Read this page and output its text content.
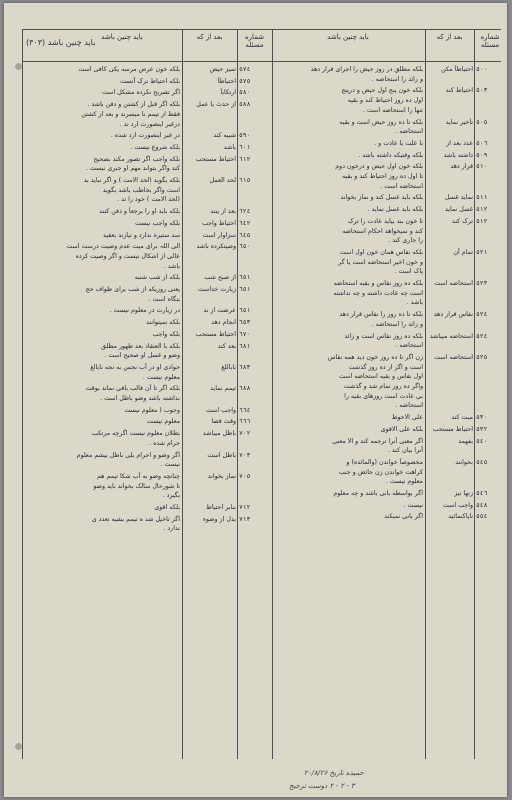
(٣٠٣) باید چنین باشد
شماره مسئله
بعد از که
باید چنین باشد
شماره مسئله
بعد از که
باید چنین باشد
٥٠٠
احتیاطاً مکن
بلکه مطلق در روز حیض را اجرای قرار دهد
و زائد را استحاضه .
٥٠٣
احتیاط کند
بلکه خون پنج اول حیض و درپنج
اول ده روز احتیاط کند و بقیه
تنها را استحاضه است .
٥٠٥
تأخیر نماید
بلکه تا ده روز حیض است و بقیه
استحاضه .
٥٠٦
عدد بعد از
با علت یا عادت و .
٥٠٩
داشته باشد
بلکه وقتیکه داشته باشد .
٥١٠
قرار دهد
بلکه خون اول حیض و درخون دوم
تا اول ده روز احتیاط کند و بقیه
استحاضه است .
٥١١
نماید غسل
بلکه باید غسل کند و نماز بخواند
٥١٢
غسل نماید
بلکه باید غسل نماید .
٥١٢
ترک کند
تا خون بند بیاید عادت را ترک
کند و نمیخواهد احکام استحاضه
را جاری کند .
٥٢١
تمام آن
بلکه نفاس همان خون اول است
و خون اخیر استحاضه است یا گر
پاک است .
٥٢٣
استحاضه است
بلکه ده روز نفاس و بقیه استحاضه
است چه عادت داشته و چه نداشته
باشد .
٥٢٤
نفاس قرار دهد
بلکه تا ده روز را نفاس قرار دهد
و زائد را استحاضه .
٥٢٤
استحاضه میباشد
بلکه ده روز نفاس است و زائد
استحاضه .
٥٢٥
استحاضه است
زن اگر تا ده روز خون دید همه نفاس
است و اگر از ده روز گذشت
اول نفاس و بقیه استحاضه است
واگر ده روز تمام شد و گذشت
بی عادت است روزهای بقیه را
استحاضه .
٥٣٠
میت کند
علی الاحوط
٥٣٢
احتیاط مستحب
بلکه علی الاقوی
٥٤٠
بفهمد
اگر معنی آنرا ترجمه کند و الا معنی
آنرا بیان کند .
٥٤٥
بخوانند
مخصوصاً خواندن (والمائده) و
کراهت خواندن زن حائض و جنب
معلوم نیست .
٥٤٦
زنها نیز
اگر بواسطه بانی باشد و چه معلوم
٥٤٨
واجب است
نیست .
٥٥٤
ناپاکنمائید
اگر بانی نمیکند
٥٧٤
تمیز حیض
بلکه خون عرض مرسه یکی کافی است
٥٧٥
احتیاطاً
بلکه احتیاط ترک آنست
٥٨٠
ارتکاباً
اگر تصریح نکرده مشکل است
٥٨٨
از حدث یا عمل
بلکه اگر قبل از کشتن و دفن باشد .
فقط از تیمم نا میسرند و بعد از کشتن
درغیر اینصورت ارد ند .
٥٩٠
شبیه کند
در غیر اینصورت ارد شده .
٦٠١
باشد
بلکه شروع نیست .
٦١٢
احتیاط مستحب
بلکه واجب اگر تصور مکند بصحیح
کند واگر بتواند مهم او جبری نیست .
٦١٥
لحد العمل
بلکه بگوید (لحد الامت ) و اگر نباید بد
است واگر بخاطب باشد بگوید
(لحد الامت ) خود را ند .
٦٢٤
بعد از ینند
بلکه باید او را برجعاً و دفن کنند
٦٤٢
احتیاط واجب
بلکه واجب نیست
٦٤٥
سزاوار است
سد ستیره ندارد و نیازند بعقید
٦٥٠
وصیتکرده باشد
الی اللہ برای میت عدم وصیت درست است
عالی از اشکال نیست و اگر وصیت کرده
باشد .
٦٥١
از صبح شب
بلکه از شب شنبه
٦٥١
زیارت خداست
یعنی روزیکه از شب برای طواف حج
بنگاه است .
٦٥١
عرضت از ند
در زیارت در معلوم نیست .
٦٥٣
انجام دهد
بلکه نمیتوانند
٦٧٠
احتیاط مستحب
بلکه واجب
٦٨١
بعد کند
بلکه با العتقاد بعد طهور مطلق
وضو و غسل او صحیح است .
٦٨٣
ناباللغ
حوادی او در آب نجس به نجه نابالغ
معلوم نیست .
٦٨٨
تیمم نماید
بلکه اگر تا آن قالب باقی نماند بوقت
نداشته باشد وضو باطل است .
٦٦٤
واجب است
وجوب ( معلوم نیست
٦٦٦
وقت قضا
معلوم نیست
٧٠٢
باطل میباشد
بطلان معلوم نیست اگرچه مرتکب
حرام شده .
٧٠٣
باطل است
اگر وضو و احرام یلی باطل بیشم معلوم
نیست .
٧٠٥
نماز بخواند
چنانچه وضو به آب شکا تیمم هم
تا شورحال سالک بخواند باید وضو
بگیرد .
٧١٢
بنابر احتیاط
بلکه اقوی
٧١٣
بدل از وضوء
اگر تاخیل شد ه تیمم بشیه تعدد ی
ندارد .
حمیده تاریخ ۲۰/۸/۲۶
۳ - ۲ - ۲ دوست ترجیح
